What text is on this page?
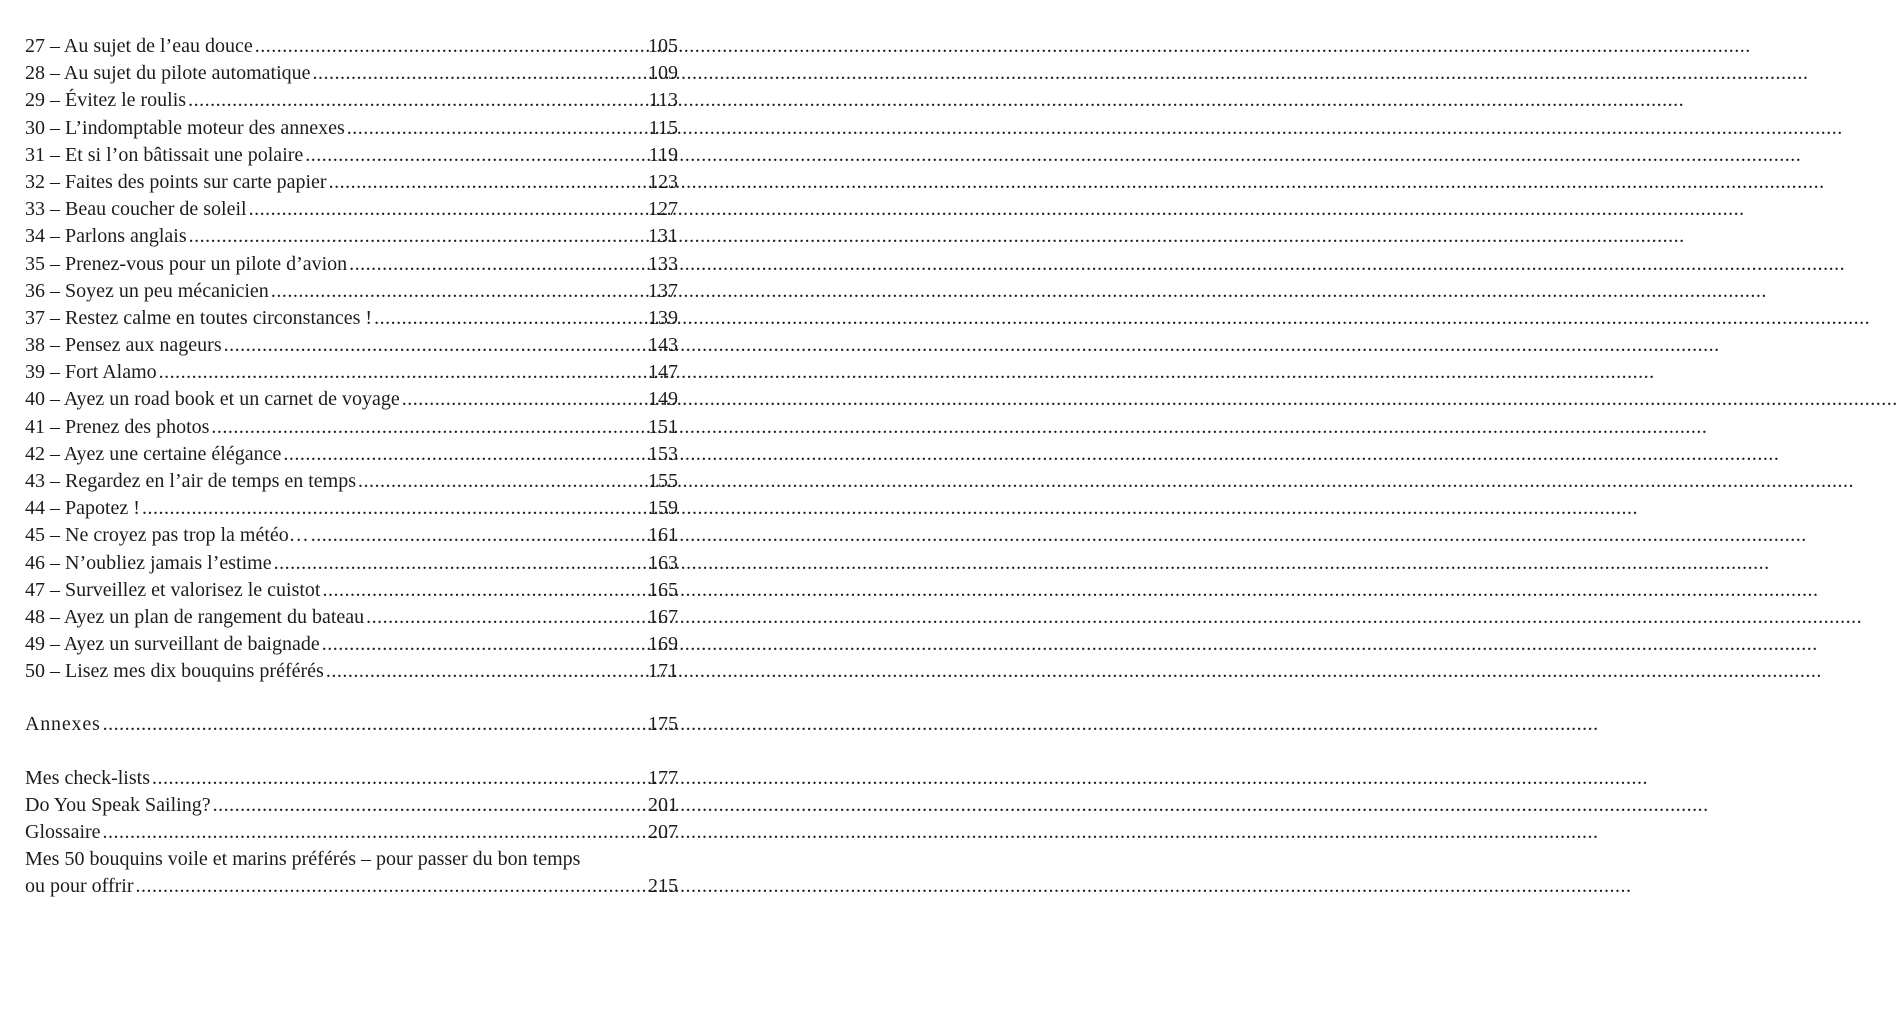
27 – Au sujet de l’eau douce .....	105
28 – Au sujet du pilote automatique .....	109
29 – Évitez le roulis .....	113
30 – L’indomptable moteur des annexes .....	115
31 – Et si l’on bâtissait une polaire .....	119
32 – Faites des points sur carte papier .....	123
33 – Beau coucher de soleil .....	127
34 – Parlons anglais .....	131
35 – Prenez-vous pour un pilote d’avion .....	133
36 – Soyez un peu mécanicien .....	137
37 – Restez calme en toutes circonstances ! .....	139
38 – Pensez aux nageurs .....	143
39 – Fort Alamo .....	147
40 – Ayez un road book et un carnet de voyage .....	149
41 – Prenez des photos .....	151
42 – Ayez une certaine élégance .....	153
43 – Regardez en l’air de temps en temps .....	155
44 – Papotez ! .....	159
45 – Ne croyez pas trop la météo… .....	161
46 – N’oubliez jamais l’estime .....	163
47 – Surveillez et valorisez le cuistot .....	165
48 – Ayez un plan de rangement du bateau .....	167
49 – Ayez un surveillant de baignade .....	169
50 – Lisez mes dix bouquins préférés .....	171
Annexes .....	175
Mes check-lists .....	177
Do You Speak Sailing? .....	201
Glossaire .....	207
Mes 50 bouquins voile et marins préférés – pour passer du bon temps
ou pour offrir .....	215
